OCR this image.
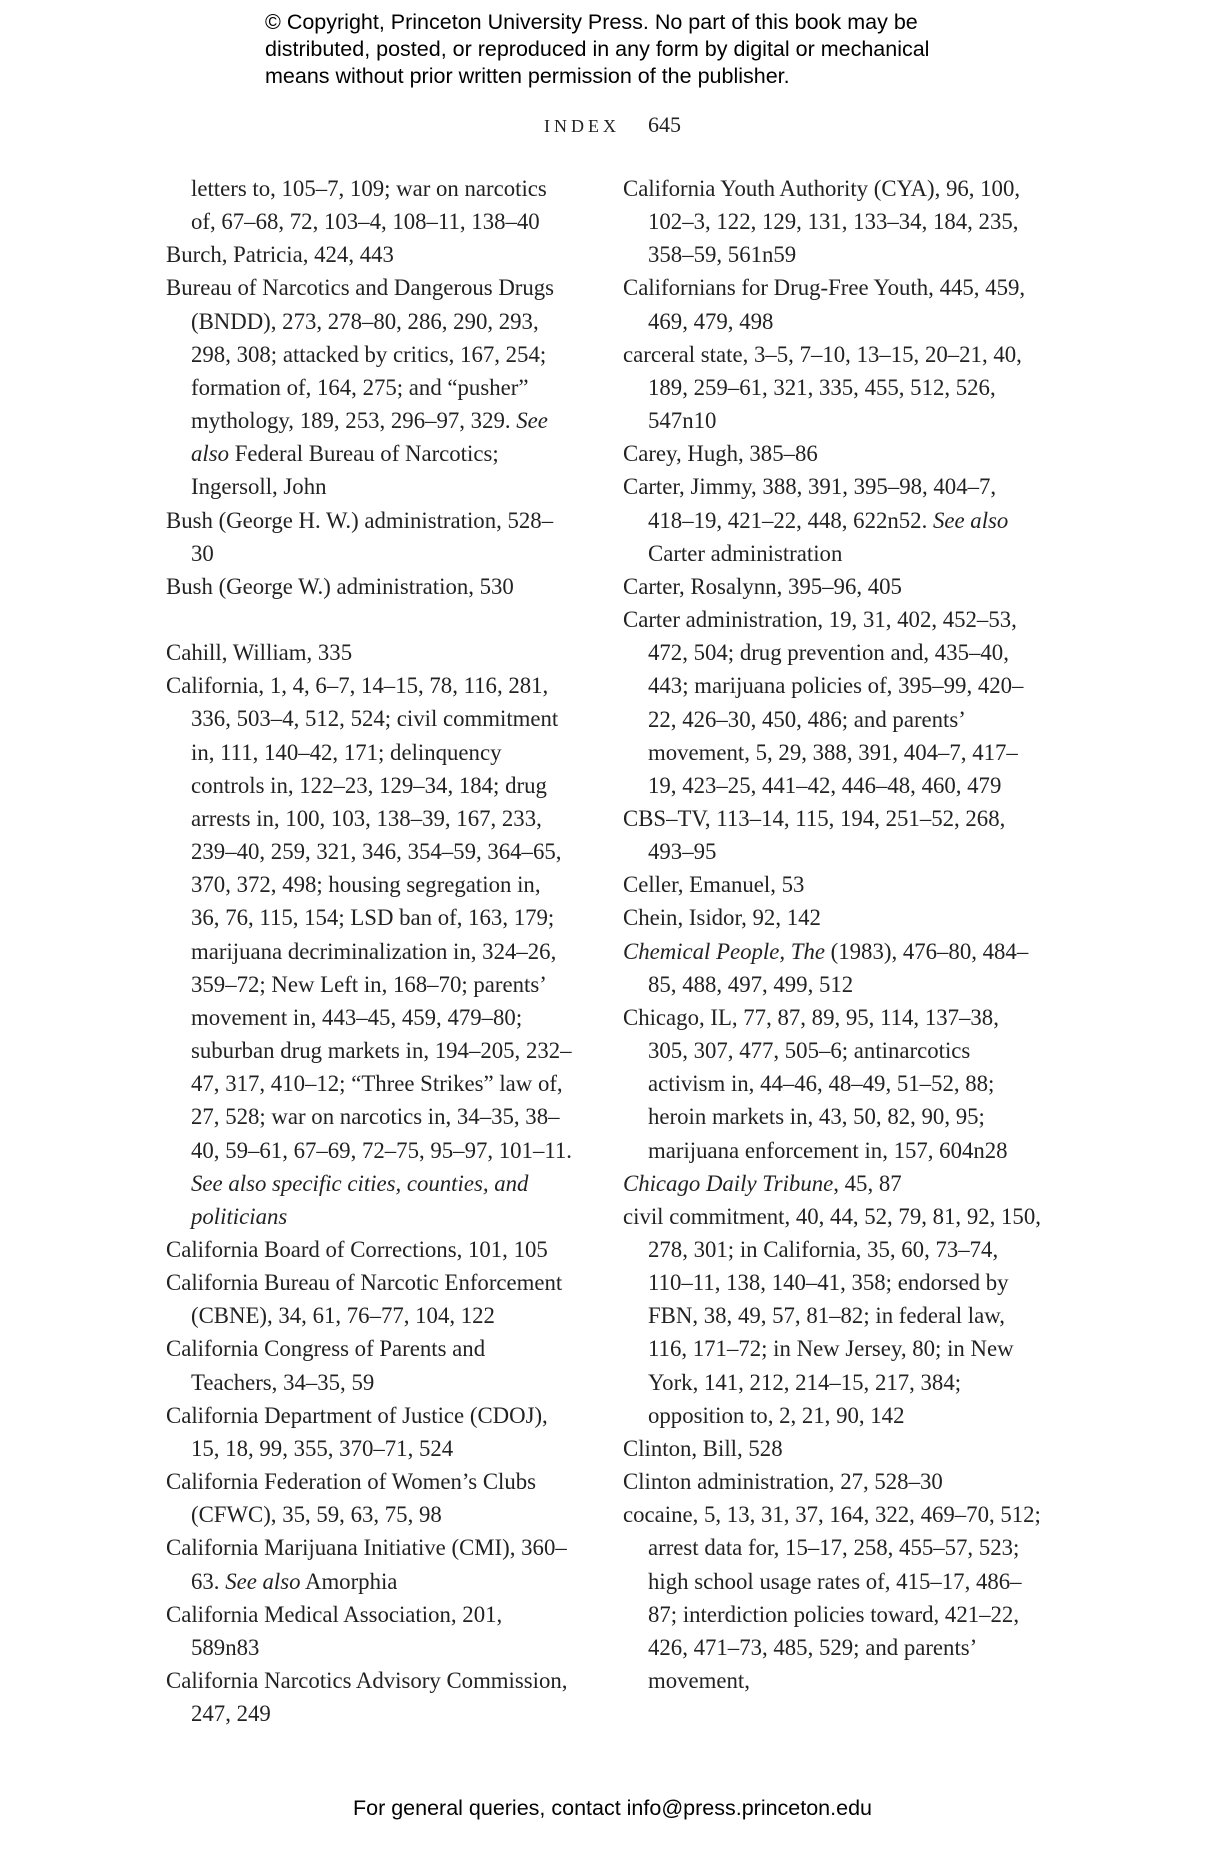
© Copyright, Princeton University Press. No part of this book may be
distributed, posted, or reproduced in any form by digital or mechanical
means without prior written permission of the publisher.
INDEX 645
letters to, 105–7, 109; war on narcotics of, 67–68, 72, 103–4, 108–11, 138–40
Burch, Patricia, 424, 443
Bureau of Narcotics and Dangerous Drugs (BNDD), 273, 278–80, 286, 290, 293, 298, 308; attacked by critics, 167, 254; formation of, 164, 275; and “pusher” mythology, 189, 253, 296–97, 329. See also Federal Bureau of Narcotics; Ingersoll, John
Bush (George H. W.) administration, 528–30
Bush (George W.) administration, 530
Cahill, William, 335
California, 1, 4, 6–7, 14–15, 78, 116, 281, 336, 503–4, 512, 524; civil commitment in, 111, 140–42, 171; delinquency controls in, 122–23, 129–34, 184; drug arrests in, 100, 103, 138–39, 167, 233, 239–40, 259, 321, 346, 354–59, 364–65, 370, 372, 498; housing segregation in, 36, 76, 115, 154; LSD ban of, 163, 179; marijuana decriminalization in, 324–26, 359–72; New Left in, 168–70; parents’ movement in, 443–45, 459, 479–80; suburban drug markets in, 194–205, 232–47, 317, 410–12; “Three Strikes” law of, 27, 528; war on narcotics in, 34–35, 38–40, 59–61, 67–69, 72–75, 95–97, 101–11. See also specific cities, counties, and politicians
California Board of Corrections, 101, 105
California Bureau of Narcotic Enforcement (CBNE), 34, 61, 76–77, 104, 122
California Congress of Parents and Teachers, 34–35, 59
California Department of Justice (CDOJ), 15, 18, 99, 355, 370–71, 524
California Federation of Women’s Clubs (CFWC), 35, 59, 63, 75, 98
California Marijuana Initiative (CMI), 360–63. See also Amorphia
California Medical Association, 201, 589n83
California Narcotics Advisory Commission, 247, 249
California Youth Authority (CYA), 96, 100, 102–3, 122, 129, 131, 133–34, 184, 235, 358–59, 561n59
Californians for Drug-Free Youth, 445, 459, 469, 479, 498
carceral state, 3–5, 7–10, 13–15, 20–21, 40, 189, 259–61, 321, 335, 455, 512, 526, 547n10
Carey, Hugh, 385–86
Carter, Jimmy, 388, 391, 395–98, 404–7, 418–19, 421–22, 448, 622n52. See also Carter administration
Carter, Rosalynn, 395–96, 405
Carter administration, 19, 31, 402, 452–53, 472, 504; drug prevention and, 435–40, 443; marijuana policies of, 395–99, 420–22, 426–30, 450, 486; and parents’ movement, 5, 29, 388, 391, 404–7, 417–19, 423–25, 441–42, 446–48, 460, 479
CBS–TV, 113–14, 115, 194, 251–52, 268, 493–95
Celler, Emanuel, 53
Chein, Isidor, 92, 142
Chemical People, The (1983), 476–80, 484–85, 488, 497, 499, 512
Chicago, IL, 77, 87, 89, 95, 114, 137–38, 305, 307, 477, 505–6; antinarcotics activism in, 44–46, 48–49, 51–52, 88; heroin markets in, 43, 50, 82, 90, 95; marijuana enforcement in, 157, 604n28
Chicago Daily Tribune, 45, 87
civil commitment, 40, 44, 52, 79, 81, 92, 150, 278, 301; in California, 35, 60, 73–74, 110–11, 138, 140–41, 358; endorsed by FBN, 38, 49, 57, 81–82; in federal law, 116, 171–72; in New Jersey, 80; in New York, 141, 212, 214–15, 217, 384; opposition to, 2, 21, 90, 142
Clinton, Bill, 528
Clinton administration, 27, 528–30
cocaine, 5, 13, 31, 37, 164, 322, 469–70, 512; arrest data for, 15–17, 258, 455–57, 523; high school usage rates of, 415–17, 486–87; interdiction policies toward, 421–22, 426, 471–73, 485, 529; and parents’ movement,
For general queries, contact info@press.princeton.edu
